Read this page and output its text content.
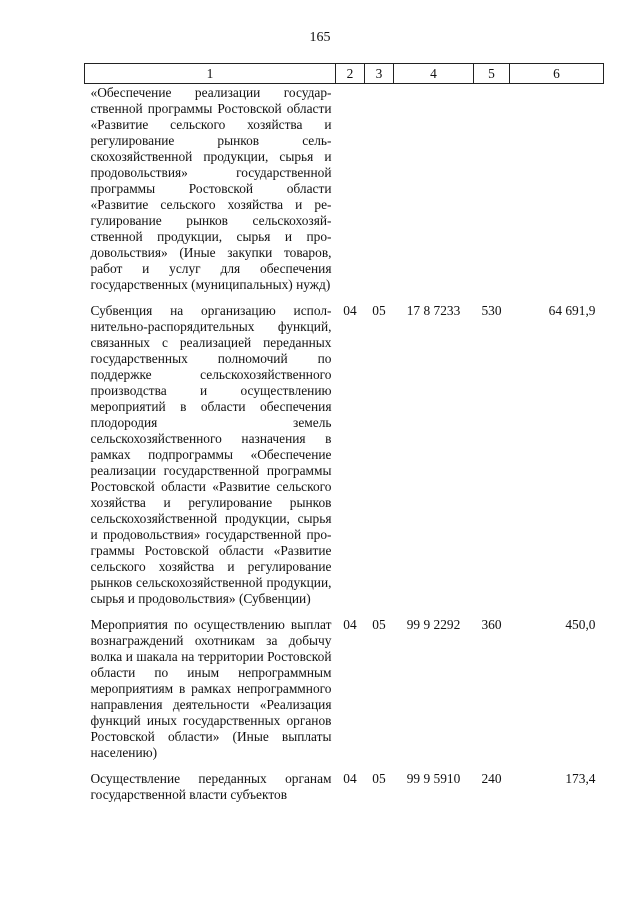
165
1	2	3	4	5	6
«Обеспечение реализации государственной программы Ростовской области «Развитие сельского хозяйства и регулирование рынков сельскохозяйственной продукции, сырья и продовольствия» государственной программы Ростовской области «Развитие сельского хозяйства и регулирование рынков сельскохозяйственной продукции, сырья и продовольствия» (Иные закупки товаров, работ и услуг для обеспечения государственных (муниципальных) нужд)					
Субвенция на организацию исполнительно-распорядительных функций, связанных с реализацией переданных государственных полномочий по поддержке сельскохозяйственного производства и осуществлению мероприятий в области обеспечения плодородия земель сельскохозяйственного назначения в рамках подпрограммы «Обеспечение реализации государственной программы Ростовской области «Развитие сельского хозяйства и регулирование рынков сельскохозяйственной продукции, сырья и продовольствия» государственной программы Ростовской области «Развитие сельского хозяйства и регулирование рынков сельскохозяйственной продукции, сырья и продовольствия» (Субвенции)	04	05	17 8 7233	530	64 691,9
Мероприятия по осуществлению выплат вознаграждений охотникам за добычу волка и шакала на территории Ростовской области по иным непрограммным мероприятиям в рамках непрограммного направления деятельности «Реализация функций иных государственных органов Ростовской области» (Иные выплаты населению)	04	05	99 9 2292	360	450,0
Осуществление переданных органам государственной власти субъектов	04	05	99 9 5910	240	173,4
